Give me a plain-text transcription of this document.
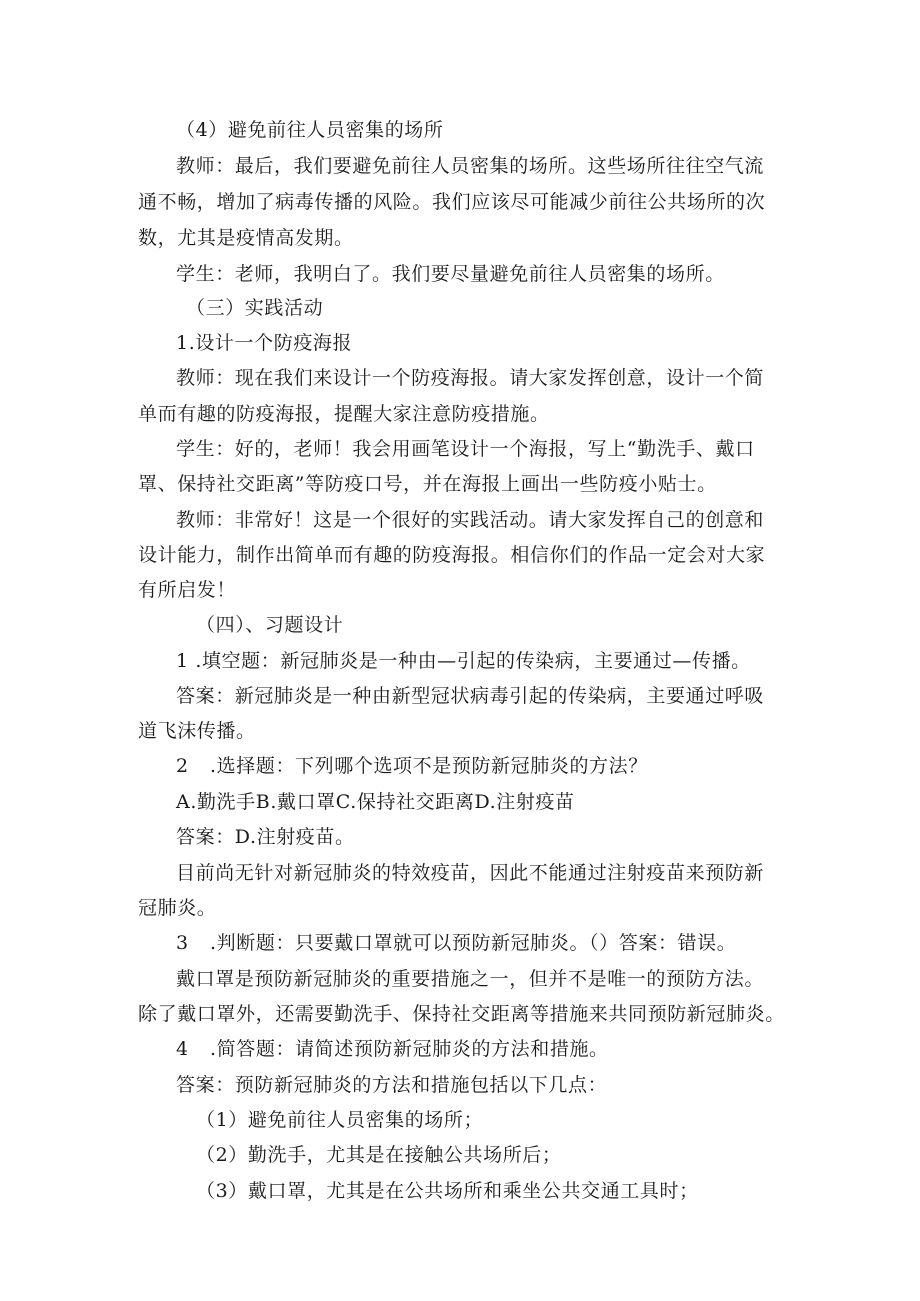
（4）避免前往人员密集的场所
教师：最后，我们要避免前往人员密集的场所。这些场所往往空气流
通不畅，增加了病毒传播的风险。我们应该尽可能减少前往公共场所的次
数，尤其是疫情高发期。
学生：老师，我明白了。我们要尽量避免前往人员密集的场所。
（三）实践活动
1.设计一个防疫海报
教师：现在我们来设计一个防疫海报。请大家发挥创意，设计一个简
单而有趣的防疫海报，提醒大家注意防疫措施。
学生：好的，老师！我会用画笔设计一个海报，写上“勤洗手、戴口
罩、保持社交距离”等防疫口号，并在海报上画出一些防疫小贴士。
教师：非常好！这是一个很好的实践活动。请大家发挥自己的创意和
设计能力，制作出简单而有趣的防疫海报。相信你们的作品一定会对大家
有所启发！
（四）、习题设计
1 .填空题：新冠肺炎是一种由—引起的传染病，主要通过—传播。
答案：新冠肺炎是一种由新型冠状病毒引起的传染病，主要通过呼吸
道飞沫传播。
2 .选择题：下列哪个选项不是预防新冠肺炎的方法？
A.勤洗手B.戴口罩C.保持社交距离D.注射疫苗
答案：D.注射疫苗。
目前尚无针对新冠肺炎的特效疫苗，因此不能通过注射疫苗来预防新
冠肺炎。
3 .判断题：只要戴口罩就可以预防新冠肺炎。（）答案：错误。
戴口罩是预防新冠肺炎的重要措施之一，但并不是唯一的预防方法。
除了戴口罩外，还需要勤洗手、保持社交距离等措施来共同预防新冠肺炎。
4 .简答题：请简述预防新冠肺炎的方法和措施。
答案：预防新冠肺炎的方法和措施包括以下几点：
（1）避免前往人员密集的场所；
（2）勤洗手，尤其是在接触公共场所后；
（3）戴口罩，尤其是在公共场所和乘坐公共交通工具时；
